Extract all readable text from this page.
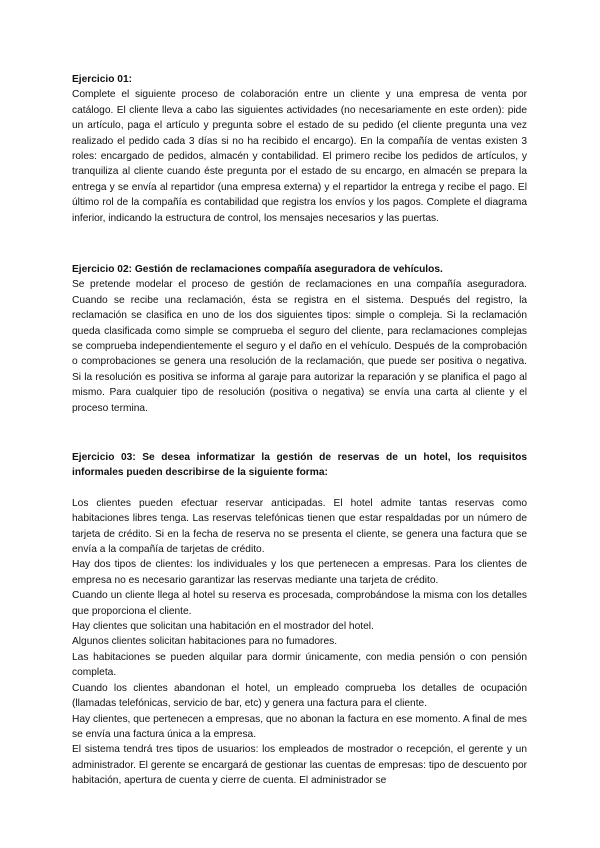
Ejercicio 01:
Complete el siguiente proceso de colaboración entre un cliente y una empresa de venta por catálogo. El cliente lleva a cabo las siguientes actividades (no necesariamente en este orden): pide un artículo, paga el artículo y pregunta sobre el estado de su pedido (el cliente pregunta una vez realizado el pedido cada 3 días si no ha recibido el encargo). En la compañía de ventas existen 3 roles: encargado de pedidos, almacén y contabilidad. El primero recibe los pedidos de artículos, y tranquiliza al cliente cuando éste pregunta por el estado de su encargo, en almacén se prepara la entrega y se envía al repartidor (una empresa externa) y el repartidor la entrega y recibe el pago. El último rol de la compañía es contabilidad que registra los envíos y los pagos. Complete el diagrama inferior, indicando la estructura de control, los mensajes necesarios y las puertas.
Ejercicio 02: Gestión de reclamaciones compañía aseguradora de vehículos.
Se pretende modelar el proceso de gestión de reclamaciones en una compañía aseguradora. Cuando se recibe una reclamación, ésta se registra en el sistema. Después del registro, la reclamación se clasifica en uno de los dos siguientes tipos: simple o compleja. Si la reclamación queda clasificada como simple se comprueba el seguro del cliente, para reclamaciones complejas se comprueba independientemente el seguro y el daño en el vehículo. Después de la comprobación o comprobaciones se genera una resolución de la reclamación, que puede ser positiva o negativa. Si la resolución es positiva se informa al garaje para autorizar la reparación y se planifica el pago al mismo. Para cualquier tipo de resolución (positiva o negativa) se envía una carta al cliente y el proceso termina.
Ejercicio 03: Se desea informatizar la gestión de reservas de un hotel, los requisitos informales pueden describirse de la siguiente forma:
Los clientes pueden efectuar reservar anticipadas. El hotel admite tantas reservas como habitaciones libres tenga. Las reservas telefónicas tienen que estar respaldadas por un número de tarjeta de crédito. Si en la fecha de reserva no se presenta el cliente, se genera una factura que se envía a la compañía de tarjetas de crédito.
Hay dos tipos de clientes: los individuales y los que pertenecen a empresas. Para los clientes de empresa no es necesario garantizar las reservas mediante una tarjeta de crédito.
Cuando un cliente llega al hotel su reserva es procesada, comprobándose la misma con los detalles que proporciona el cliente.
Hay clientes que solicitan una habitación en el mostrador del hotel.
Algunos clientes solicitan habitaciones para no fumadores.
Las habitaciones se pueden alquilar para dormir únicamente, con media pensión o con pensión completa.
Cuando los clientes abandonan el hotel, un empleado comprueba los detalles de ocupación (llamadas telefónicas, servicio de bar, etc) y genera una factura para el cliente.
Hay clientes, que pertenecen a empresas, que no abonan la factura en ese momento. A final de mes se envía una factura única a la empresa.
El sistema tendrá tres tipos de usuarios: los empleados de mostrador o recepción, el gerente y un administrador. El gerente se encargará de gestionar las cuentas de empresas: tipo de descuento por habitación, apertura de cuenta y cierre de cuenta. El administrador se
